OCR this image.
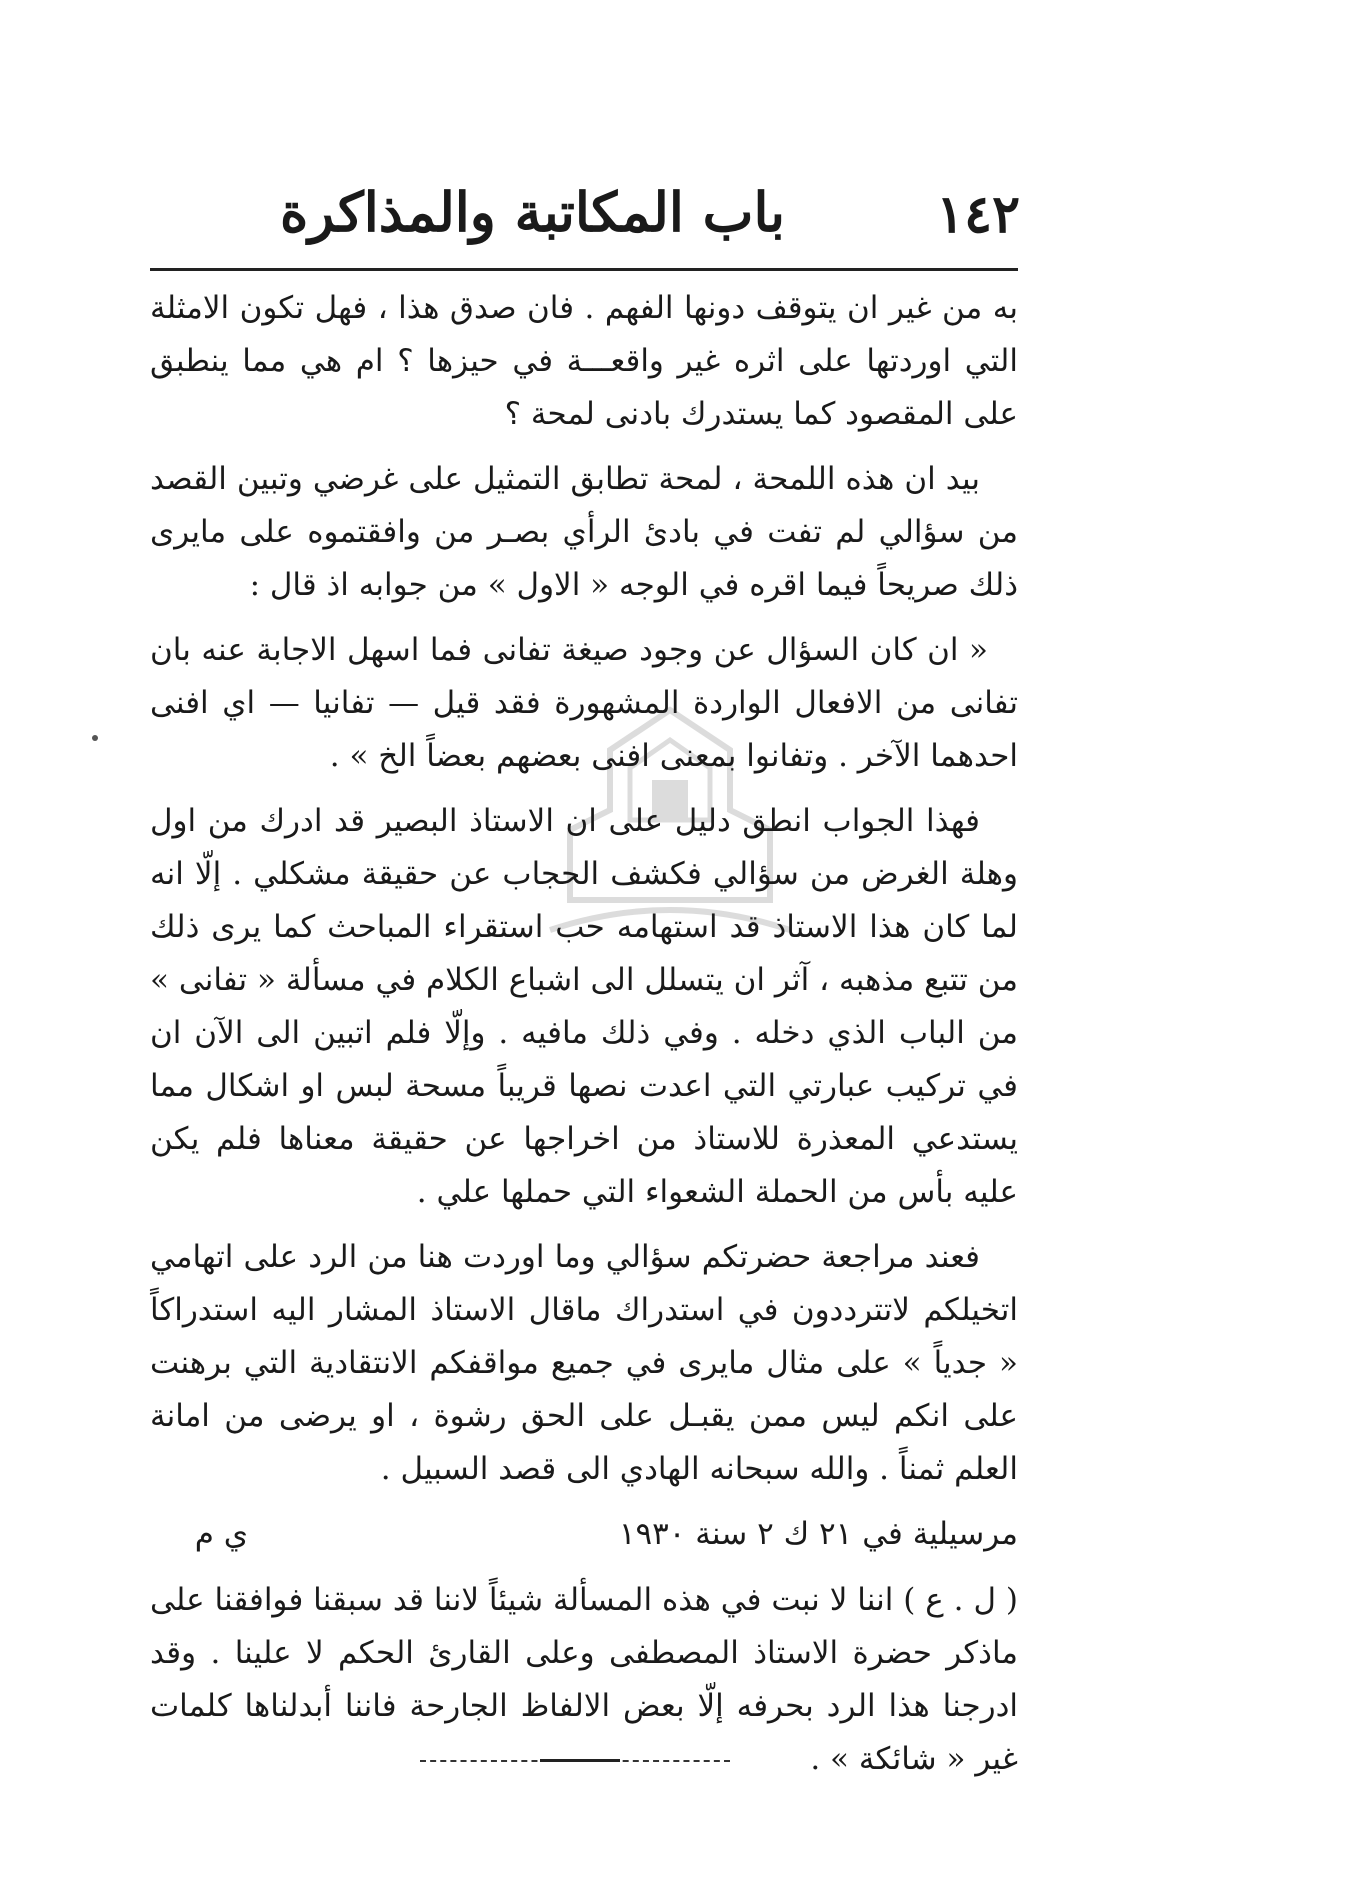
١٤٢
باب المكاتبة والمذاكرة

به من غير ان يتوقف دونها الفهم . فان صدق هذا ، فهل تكون الامثلة التي اوردتها على اثره غير واقعـــة في حيزها ؟ ام هي مما ينطبق على المقصود كما يستدرك بادنى لمحة ؟

بيد ان هذه اللمحة ، لمحة تطابق التمثيل على غرضي وتبين القصد من سؤالي لم تفت في بادئ الرأي بصـر من وافقتموه على مايرى ذلك صريحاً فيما اقره في الوجه « الاول » من جوابه اذ قال :

« ان كان السؤال عن وجود صيغة تفانى فما اسهل الاجابة عنه بان تفانى من الافعال الواردة المشهورة فقد قيل — تفانيا — اي افنى احدهما الآخر . وتفانوا بمعنى افنى بعضهم بعضاً الخ » .

فهذا الجواب انطق دليل على ان الاستاذ البصير قد ادرك من اول وهلة الغرض من سؤالي فكشف الحجاب عن حقيقة مشكلي . إلّا انه لما كان هذا الاستاذ قد استهامه حب استقراء المباحث كما يرى ذلك من تتبع مذهبه ، آثر ان يتسلل الى اشباع الكلام في مسألة « تفانى » من الباب الذي دخله . وفي ذلك مافيه . وإلّا فلم اتبين الى الآن ان في تركيب عبارتي التي اعدت نصها قريباً مسحة لبس او اشكال مما يستدعي المعذرة للاستاذ من اخراجها عن حقيقة معناها فلم يكن عليه بأس من الحملة الشعواء التي حملها علي .

فعند مراجعة حضرتكم سؤالي وما اوردت هنا من الرد على اتهامي اتخيلكم لاتترددون في استدراك ماقال الاستاذ المشار اليه استدراكاً « جدياً » على مثال مايرى في جميع مواقفكم الانتقادية التي برهنت على انكم ليس ممن يقبـل على الحق رشوة ، او يرضى من امانة العلم ثمناً . والله سبحانه الهادي الى قصد السبيل .

مرسيلية في ٢١ ك ٢ سنة ١٩٣٠
ي م

( ل . ع ) اننا لا نبت في هذه المسألة شيئاً لاننا قد سبقنا فوافقنا على ماذكر حضرة الاستاذ المصطفى وعلى القارئ الحكم لا علينا . وقد ادرجنا هذا الرد بحرفه إلّا بعض الالفاظ الجارحة فاننا أبدلناها كلمات غير « شائكة » .
